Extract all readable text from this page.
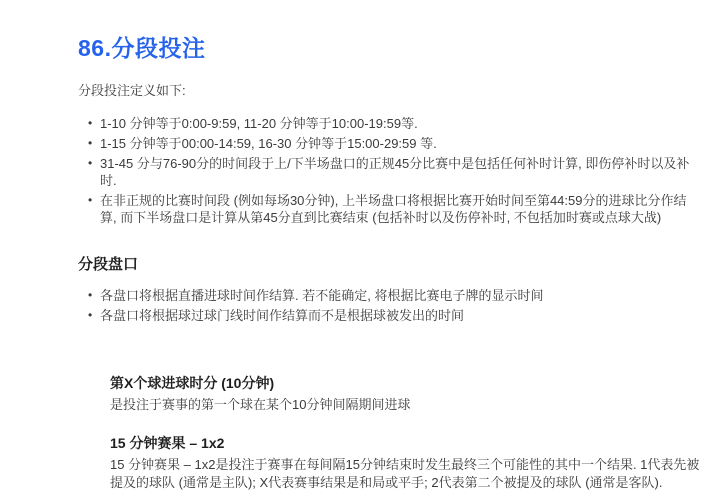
86.分段投注

分段投注定义如下:

• 1-10 分钟等于0:00-9:59, 11-20 分钟等于10:00-19:59等.
• 1-15 分钟等于00:00-14:59, 16-30 分钟等于15:00-29:59 等.
• 31-45 分与76-90分的时间段于上/下半场盘口的正规45分比赛中是包括任何补时计算, 即伤停补时以及补时.
• 在非正规的比赛时间段 (例如每场30分钟), 上半场盘口将根据比赛开始时间至第44:59分的进球比分作结算, 而下半场盘口是计算从第45分直到比赛结束 (包括补时以及伤停补时, 不包括加时赛或点球大战)
分段盘口
• 各盘口将根据直播进球时间作结算. 若不能确定, 将根据比赛电子牌的显示时间
• 各盘口将根据球过球门线时间作结算而不是根据球被发出的时间
第X个球进球时分 (10分钟)

是投注于赛事的第一个球在某个10分钟间隔期间进球

15 分钟赛果 – 1x2

15 分钟赛果 – 1x2是投注于赛事在每间隔15分钟结束时发生最终三个可能性的其中一个结果. 1代表先被提及的球队 (通常是主队); X代表赛事结果是和局或平手; 2代表第二个被提及的球队 (通常是客队).
